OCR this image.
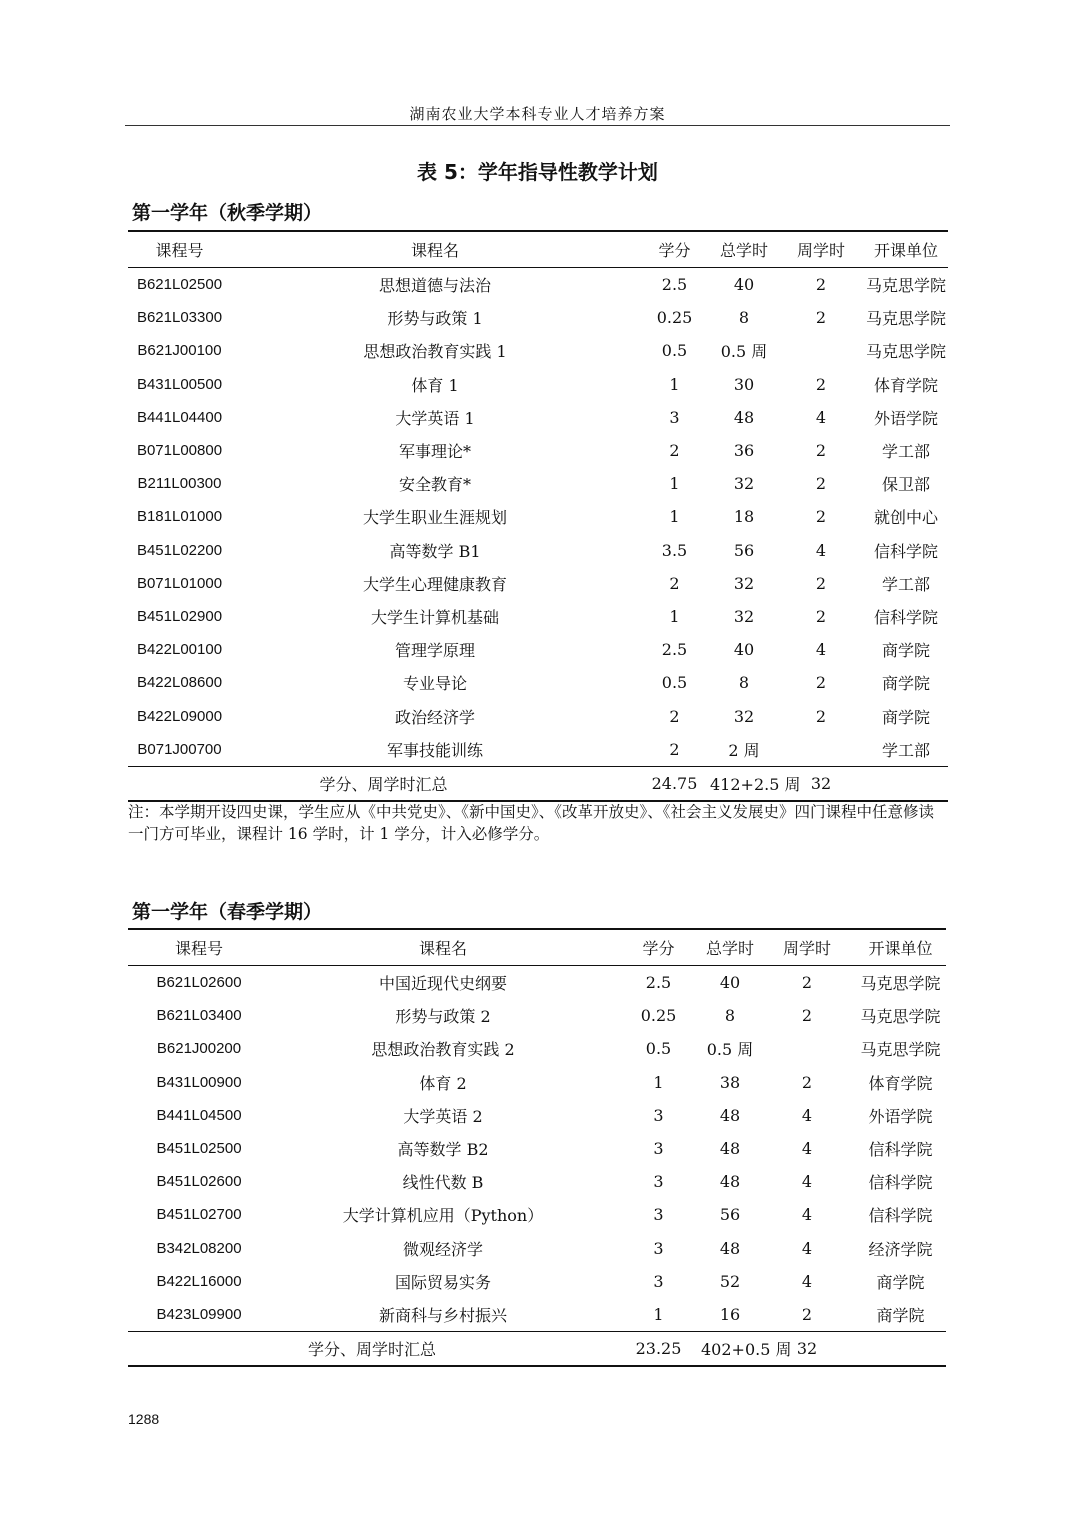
湖南农业大学本科专业人才培养方案
表 5：学年指导性教学计划
第一学年（秋季学期）
课程号	课程名	学分	总学时	周学时	开课单位
B621L02500	思想道德与法治	2.5	40	2	马克思学院
B621L03300	形势与政策 1	0.25	8	2	马克思学院
B621J00100	思想政治教育实践 1	0.5	0.5 周		马克思学院
B431L00500	体育 1	1	30	2	体育学院
B441L04400	大学英语 1	3	48	4	外语学院
B071L00800	军事理论*	2	36	2	学工部
B211L00300	安全教育*	1	32	2	保卫部
B181L01000	大学生职业生涯规划	1	18	2	就创中心
B451L02200	高等数学 B1	3.5	56	4	信科学院
B071L01000	大学生心理健康教育	2	32	2	学工部
B451L02900	大学生计算机基础	1	32	2	信科学院
B422L00100	管理学原理	2.5	40	4	商学院
B422L08600	专业导论	0.5	8	2	商学院
B422L09000	政治经济学	2	32	2	商学院
B071J00700	军事技能训练	2	2 周		学工部
学分、周学时汇总		24.75	412+2.5 周	32	
注：本学期开设四史课，学生应从《中共党史》、《新中国史》、《改革开放史》、《社会主义发展史》四门课程中任意修读一门方可毕业，课程计 16 学时，计 1 学分，计入必修学分。
第一学年（春季学期）
课程号	课程名	学分	总学时	周学时	开课单位
B621L02600	中国近现代史纲要	2.5	40	2	马克思学院
B621L03400	形势与政策 2	0.25	8	2	马克思学院
B621J00200	思想政治教育实践 2	0.5	0.5 周		马克思学院
B431L00900	体育 2	1	38	2	体育学院
B441L04500	大学英语 2	3	48	4	外语学院
B451L02500	高等数学 B2	3	48	4	信科学院
B451L02600	线性代数 B	3	48	4	信科学院
B451L02700	大学计算机应用（Python）	3	56	4	信科学院
B342L08200	微观经济学	3	48	4	经济学院
B422L16000	国际贸易实务	3	52	4	商学院
B423L09900	新商科与乡村振兴	1	16	2	商学院
学分、周学时汇总		23.25	402+0.5 周	32	
1288
